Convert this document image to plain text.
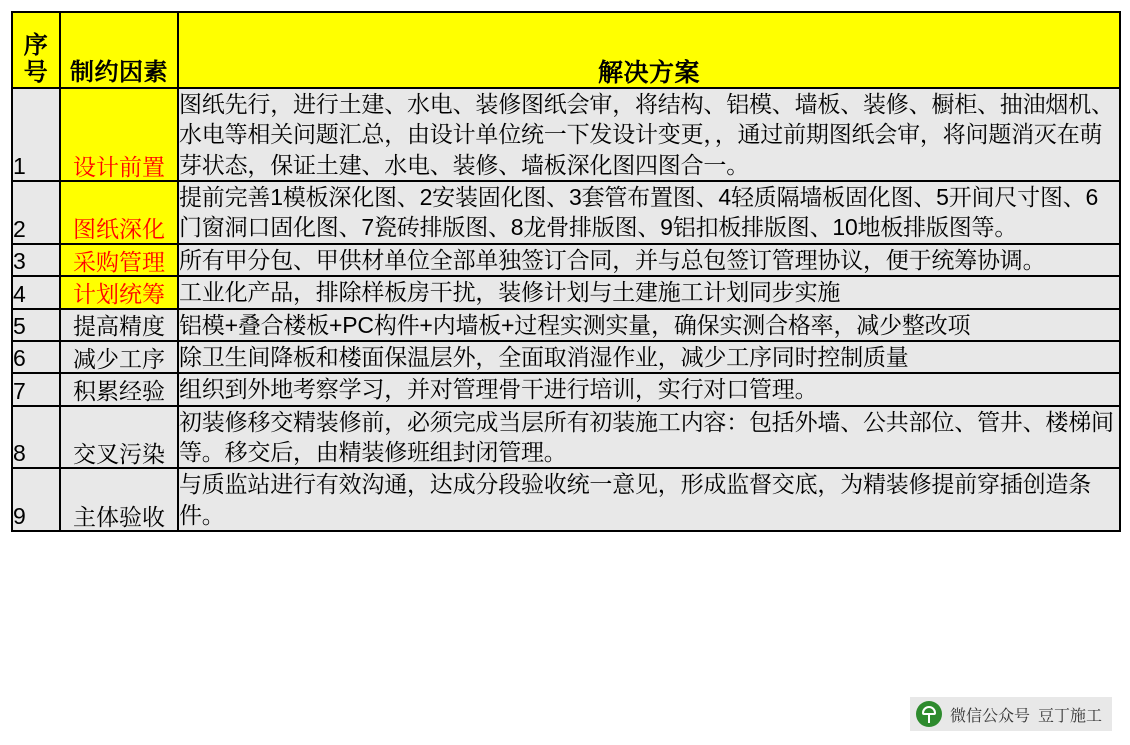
序号	制约因素	解决方案
1	设计前置	图纸先行，进行土建、水电、装修图纸会审，将结构、铝模、墙板、装修、橱柜、抽油烟机、水电等相关问题汇总，由设计单位统一下发设计变更，，通过前期图纸会审，将问题消灭在萌芽状态，保证土建、水电、装修、墙板深化图四图合一。
2	图纸深化	提前完善1模板深化图、2安装固化图、3套管布置图、4轻质隔墙板固化图、5开间尺寸图、6门窗洞口固化图、7瓷砖排版图、8龙骨排版图、9铝扣板排版图、10地板排版图等。
3	采购管理	所有甲分包、甲供材单位全部单独签订合同，并与总包签订管理协议，便于统筹协调。
4	计划统筹	工业化产品，排除样板房干扰，装修计划与土建施工计划同步实施
5	提高精度	铝模+叠合楼板+PC构件+内墙板+过程实测实量，确保实测合格率，减少整改项
6	减少工序	除卫生间降板和楼面保温层外，全面取消湿作业，减少工序同时控制质量
7	积累经验	组织到外地考察学习，并对管理骨干进行培训，实行对口管理。
8	交叉污染	初装修移交精装修前，必须完成当层所有初装施工内容：包括外墙、公共部位、管井、楼梯间等。移交后，由精装修班组封闭管理。
9	主体验收	与质监站进行有效沟通，达成分段验收统一意见，形成监督交底，为精装修提前穿插创造条件。
微信公众号 豆丁施工
